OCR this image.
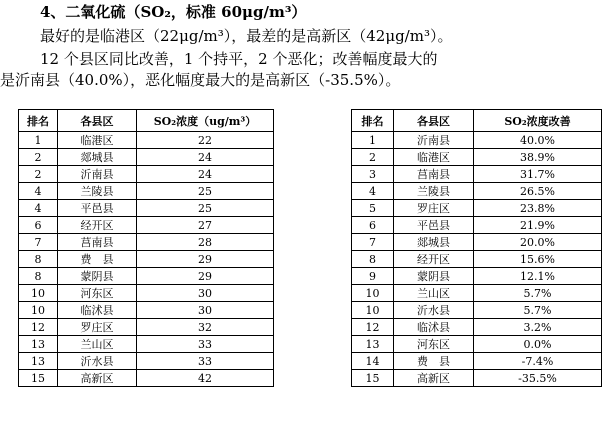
4、二氧化硫（SO₂，标准 60μg/m³）
最好的是临港区（22μg/m³），最差的是高新区（42μg/m³）。
12 个县区同比改善，1 个持平，2 个恶化；改善幅度最大的
是沂南县（40.0%），恶化幅度最大的是高新区（-35.5%）。
排名	各县区	SO₂浓度（ug/m³）
1	临港区	22
2	郯城县	24
2	沂南县	24
4	兰陵县	25
4	平邑县	25
6	经开区	27
7	莒南县	28
8	费　县	29
8	蒙阴县	29
10	河东区	30
10	临沭县	30
12	罗庄区	32
13	兰山区	33
13	沂水县	33
15	高新区	42
排名	各县区	SO₂浓度改善
1	沂南县	40.0%
2	临港区	38.9%
3	莒南县	31.7%
4	兰陵县	26.5%
5	罗庄区	23.8%
6	平邑县	21.9%
7	郯城县	20.0%
8	经开区	15.6%
9	蒙阴县	12.1%
10	兰山区	5.7%
10	沂水县	5.7%
12	临沭县	3.2%
13	河东区	0.0%
14	费　县	-7.4%
15	高新区	-35.5%
